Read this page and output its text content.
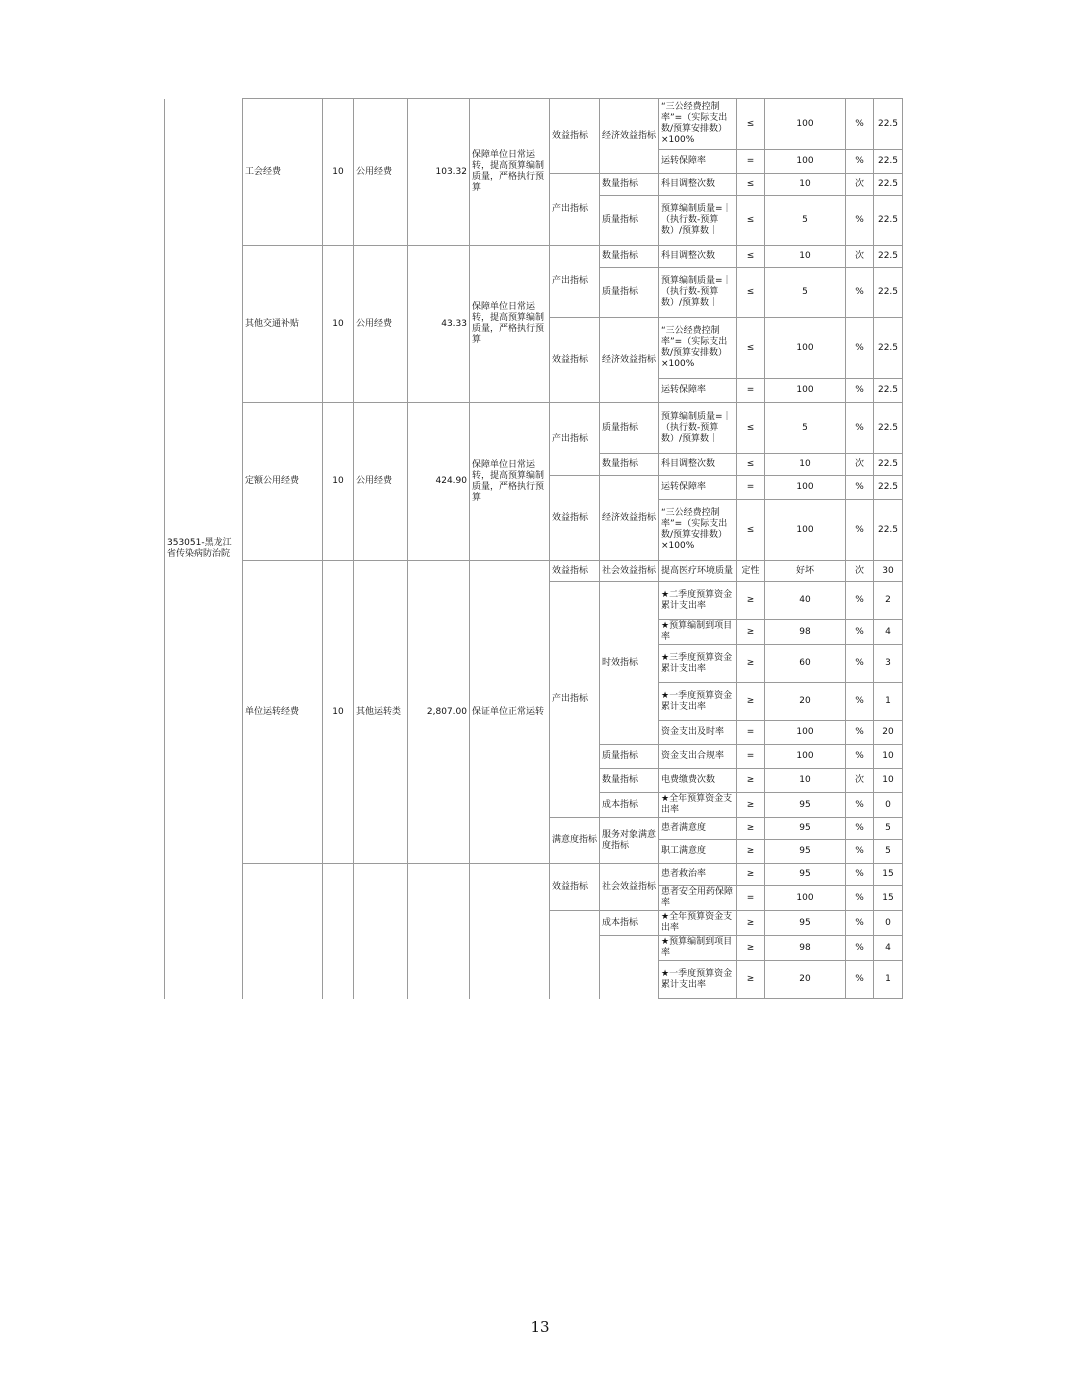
353051-黑龙江省传染病防治院	工会经费	10	公用经费	103.32	保障单位日常运转，提高预算编制质量，严格执行预算	效益指标	经济效益指标	“三公经费控制率”=（实际支出数/预算安排数）×100%	≤	100	%	22.5
								运转保障率	=	100	%	22.5
						产出指标	数量指标	科目调整次数	≤	10	次	22.5
							质量指标	预算编制质量=｜（执行数-预算数）/预算数｜	≤	5	%	22.5
	其他交通补贴	10	公用经费	43.33	保障单位日常运转，提高预算编制质量，严格执行预算	产出指标	数量指标	科目调整次数	≤	10	次	22.5
							质量指标	预算编制质量=｜（执行数-预算数）/预算数｜	≤	5	%	22.5
						效益指标	经济效益指标	“三公经费控制率”=（实际支出数/预算安排数）×100%	≤	100	%	22.5
								运转保障率	=	100	%	22.5
	定额公用经费	10	公用经费	424.90	保障单位日常运转，提高预算编制质量，严格执行预算	产出指标	质量指标	预算编制质量=｜（执行数-预算数）/预算数｜	≤	5	%	22.5
							数量指标	科目调整次数	≤	10	次	22.5
						效益指标	经济效益指标	运转保障率	=	100	%	22.5
								“三公经费控制率”=（实际支出数/预算安排数）×100%	≤	100	%	22.5
	单位运转经费	10	其他运转类	2,807.00	保证单位正常运转	效益指标	社会效益指标	提高医疗环境质量	定性	好坏	次	30
						产出指标	时效指标	★二季度预算资金累计支出率	≥	40	%	2
								★预算编制到项目率	≥	98	%	4
								★三季度预算资金累计支出率	≥	60	%	3
								★一季度预算资金累计支出率	≥	20	%	1
								资金支出及时率	=	100	%	20
							质量指标	资金支出合规率	=	100	%	10
							数量指标	电费缴费次数	≥	10	次	10
							成本指标	★全年预算资金支出率	≥	95	%	0
						满意度指标	服务对象满意度指标	患者满意度	≥	95	%	5
								职工满意度	≥	95	%	5
						效益指标	社会效益指标	患者救治率	≥	95	%	15
								患者安全用药保障率	=	100	%	15
							成本指标	★全年预算资金支出率	≥	95	%	0
								★预算编制到项目率	≥	98	%	4
								★一季度预算资金累计支出率	≥	20	%	1
13
